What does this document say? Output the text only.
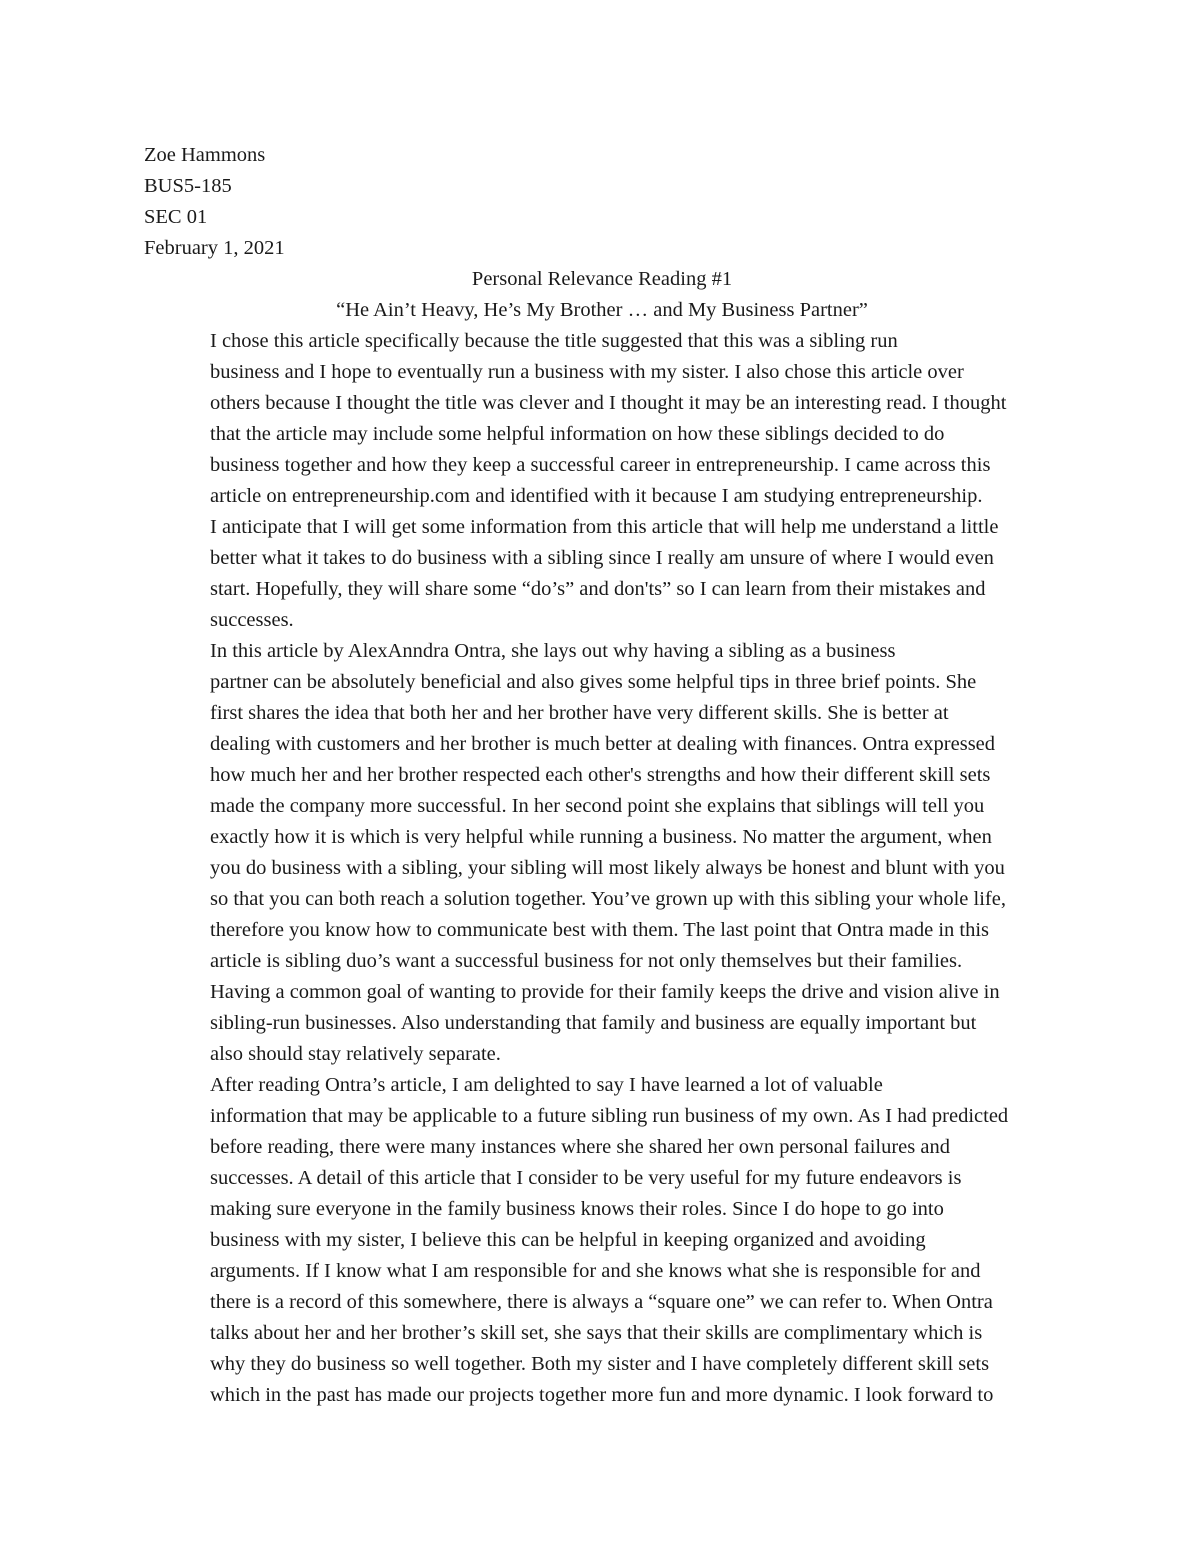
Zoe Hammons

BUS5-185

SEC 01

February 1, 2021

Personal Relevance Reading #1

“He Ain’t Heavy, He’s My Brother … and My Business Partner”

I chose this article specifically because the title suggested that this was a sibling run
business and I hope to eventually run a business with my sister. I also chose this article over
others because I thought the title was clever and I thought it may be an interesting read. I thought
that the article may include some helpful information on how these siblings decided to do
business together and how they keep a successful career in entrepreneurship. I came across this
article on entrepreneurship.com and identified with it because I am studying entrepreneurship.
I anticipate that I will get some information from this article that will help me understand a little
better what it takes to do business with a sibling since I really am unsure of where I would even
start. Hopefully, they will share some “do’s” and don'ts” so I can learn from their mistakes and
successes.

In this article by AlexAnndra Ontra, she lays out why having a sibling as a business
partner can be absolutely beneficial and also gives some helpful tips in three brief points. She
first shares the idea that both her and her brother have very different skills. She is better at
dealing with customers and her brother is much better at dealing with finances. Ontra expressed
how much her and her brother respected each other's strengths and how their different skill sets
made the company more successful. In her second point she explains that siblings will tell you
exactly how it is which is very helpful while running a business. No matter the argument, when
you do business with a sibling, your sibling will most likely always be honest and blunt with you
so that you can both reach a solution together. You’ve grown up with this sibling your whole life,
therefore you know how to communicate best with them. The last point that Ontra made in this
article is sibling duo’s want a successful business for not only themselves but their families.
Having a common goal of wanting to provide for their family keeps the drive and vision alive in
sibling-run businesses. Also understanding that family and business are equally important but
also should stay relatively separate.

After reading Ontra’s article, I am delighted to say I have learned a lot of valuable
information that may be applicable to a future sibling run business of my own. As I had predicted
before reading, there were many instances where she shared her own personal failures and
successes. A detail of this article that I consider to be very useful for my future endeavors is
making sure everyone in the family business knows their roles. Since I do hope to go into
business with my sister, I believe this can be helpful in keeping organized and avoiding
arguments. If I know what I am responsible for and she knows what she is responsible for and
there is a record of this somewhere, there is always a “square one” we can refer to. When Ontra
talks about her and her brother’s skill set, she says that their skills are complimentary which is
why they do business so well together. Both my sister and I have completely different skill sets
which in the past has made our projects together more fun and more dynamic. I look forward to
